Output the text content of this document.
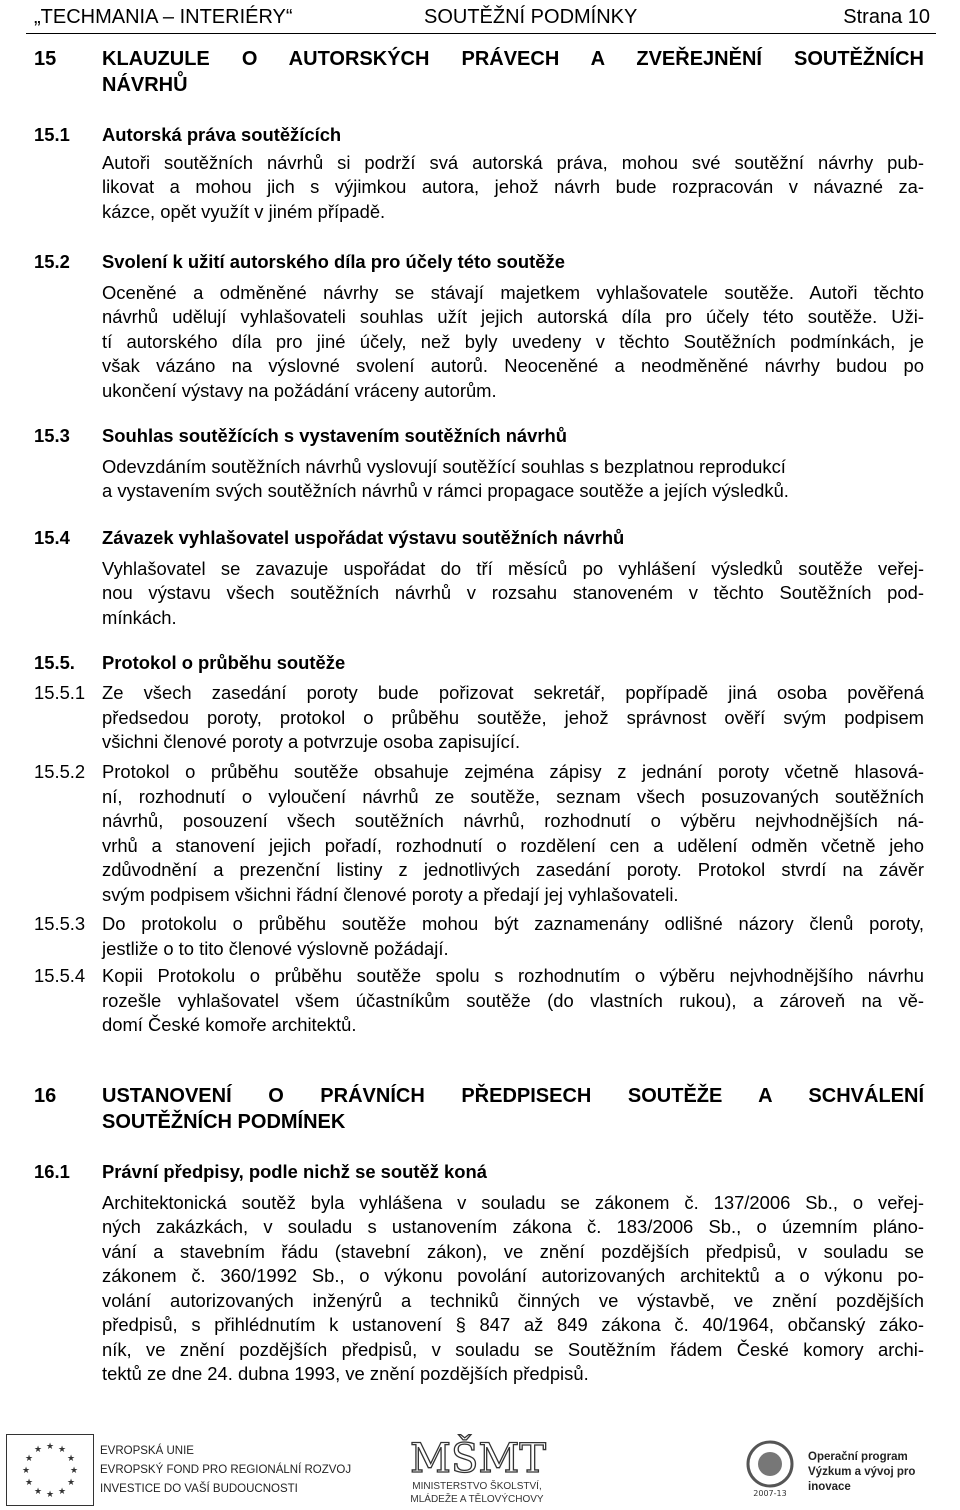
„TECHMANIA – INTERIÉRY“	SOUTĚŽNÍ PODMÍNKY	Strana 10
15 KLAUZULE O AUTORSKÝCH PRÁVECH A ZVEŘEJNĚNÍ SOUTĚŽNÍCH
NÁVRHŮ
15.1 Autorská práva soutěžících
Autoři soutěžních návrhů si podrží svá autorská práva, mohou své soutěžní návrhy pub-
likovat a mohou jich s výjimkou autora, jehož návrh bude rozpracován v návazné za-
kázce, opět využít v jiném případě.
15.2 Svolení k užití autorského díla pro účely této soutěže
Oceněné a odměněné návrhy se stávají majetkem vyhlašovatele soutěže. Autoři těchto
návrhů udělují vyhlašovateli souhlas užít jejich autorská díla pro účely této soutěže. Uži-
tí autorského díla pro jiné účely, než byly uvedeny v těchto Soutěžních podmínkách, je
však vázáno na výslovné svolení autorů. Neoceněné a neodměněné návrhy budou po
ukončení výstavy na požádání vráceny autorům.
15.3 Souhlas soutěžících s vystavením soutěžních návrhů
Odevzdáním soutěžních návrhů vyslovují soutěžící souhlas s bezplatnou reprodukcí
a vystavením svých soutěžních návrhů v rámci propagace soutěže a jejích výsledků.
15.4 Závazek vyhlašovatel uspořádat výstavu soutěžních návrhů
Vyhlašovatel se zavazuje uspořádat do tří měsíců po vyhlášení výsledků soutěže veřej-
nou výstavu všech soutěžních návrhů v rozsahu stanoveném v těchto Soutěžních pod-
mínkách.
15.5. Protokol o průběhu soutěže
15.5.1 Ze všech zasedání poroty bude pořizovat sekretář, popřípadě jiná osoba pověřená
předsedou poroty, protokol o průběhu soutěže, jehož správnost ověří svým podpisem
všichni členové poroty a potvrzuje osoba zapisující.
15.5.2 Protokol o průběhu soutěže obsahuje zejména zápisy z jednání poroty včetně hlasová-
ní, rozhodnutí o vyloučení návrhů ze soutěže, seznam všech posuzovaných soutěžních
návrhů, posouzení všech soutěžních návrhů, rozhodnutí o výběru nejvhodnějších ná-
vrhů a stanovení jejich pořadí, rozhodnutí o rozdělení cen a udělení odměn včetně jeho
zdůvodnění a prezenční listiny z jednotlivých zasedání poroty. Protokol stvrdí na závěr
svým podpisem všichni řádní členové poroty a předají jej vyhlašovateli.
15.5.3 Do protokolu o průběhu soutěže mohou být zaznamenány odlišné názory členů poroty,
jestliže o to tito členové výslovně požádají.
15.5.4 Kopii Protokolu o průběhu soutěže spolu s rozhodnutím o výběru nejvhodnějšího návrhu
rozešle vyhlašovatel všem účastníkům soutěže (do vlastních rukou), a zároveň na vě-
domí České komoře architektů.
16 USTANOVENÍ O PRÁVNÍCH PŘEDPISECH SOUTĚŽE A SCHVÁLENÍ
SOUTĚŽNÍCH PODMÍNEK
16.1 Právní předpisy, podle nichž se soutěž koná
Architektonická soutěž byla vyhlášena v souladu se zákonem č. 137/2006 Sb., o veřej-
ných zakázkách, v souladu s ustanovením zákona č. 183/2006 Sb., o územním pláno-
vání a stavebním řádu (stavební zákon), ve znění pozdějších předpisů, v souladu se
zákonem č. 360/1992 Sb., o výkonu povolání autorizovaných architektů a o výkonu po-
volání autorizovaných inženýrů a techniků činných ve výstavbě, ve znění pozdějších
předpisů, s přihlédnutím k ustanovení § 847 až 849 zákona č. 40/1964, občanský záko-
ník, ve znění pozdějších předpisů, v souladu se Soutěžním řádem České komory archi-
tektů ze dne 24. dubna 1993, ve znění pozdějších předpisů.
★ ★
★
★
★
★
★
★
★
★
★
★	EVROPSKÁ UNIE
EVROPSKÝ FOND PRO REGIONÁLNÍ ROZVOJ
INVESTICE DO VAŠÍ BUDOUCNOSTI
MŠMT
MINISTERSTVO ŠKOLSTVÍ,
MLÁDEŽE A TĚLOVÝCHOVY
2007-13
Operační program
Výzkum a vývoj pro inovace
